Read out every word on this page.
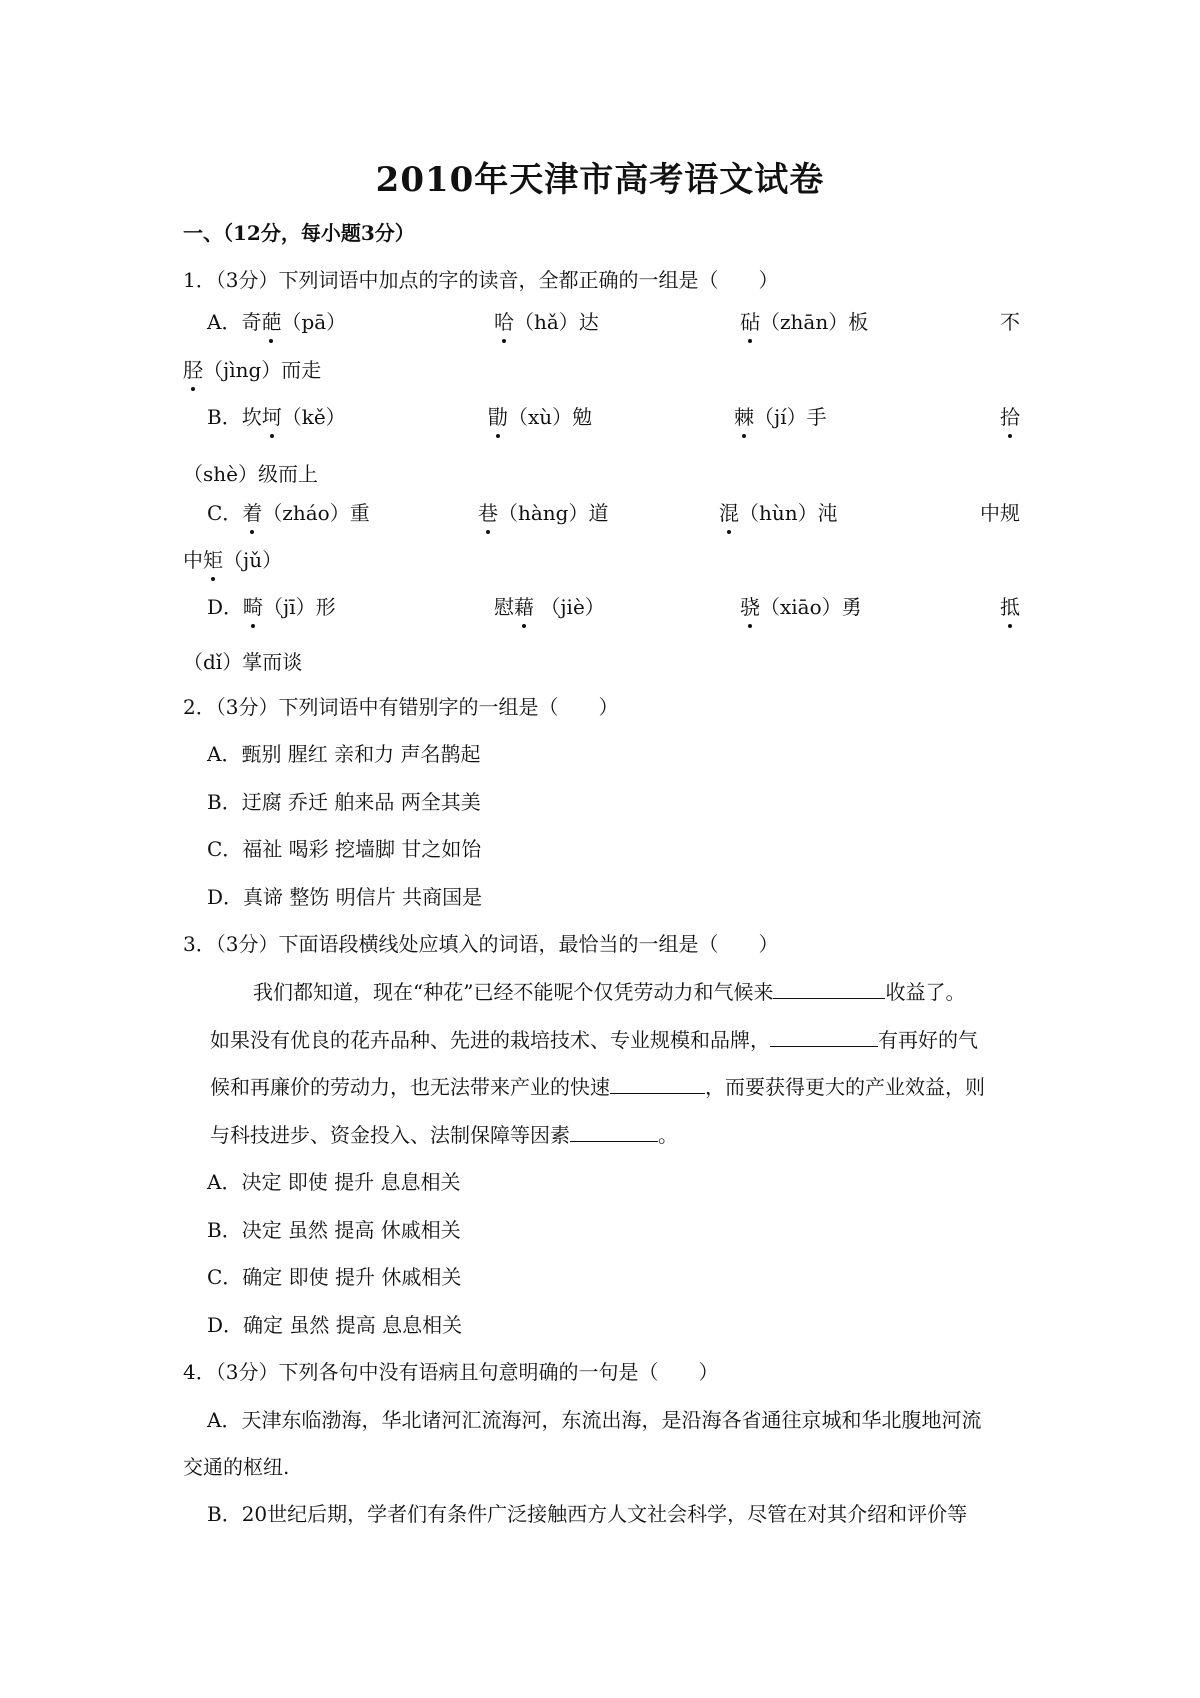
2010年天津市高考语文试卷
一、（12分，每小题3分）
1．（3分）下列词语中加点的字的读音，全都正确的一组是（　　）
A．奇葩（pā）	哈（hǎ）达	砧（zhān）板	不
胫（jìng）而走
B．坎坷（kě）	勖（xù）勉	棘（jí）手	拾
（shè）级而上
C．着（zháo）重	巷（hàng）道	混（hùn）沌	中规
中矩（jǔ）
D．畸（jī）形	慰藉 （jiè）	骁（xiāo）勇	抵
（dǐ）掌而谈
2．（3分）下列词语中有错别字的一组是（　　）
A．甄别 腥红 亲和力 声名鹊起
B．迂腐 乔迁 舶来品 两全其美
C．福祉 喝彩 挖墙脚 甘之如饴
D．真谛 整饬 明信片 共商国是
3．（3分）下面语段横线处应填入的词语，最恰当的一组是（　　）
我们都知道，现在“种花”已经不能呢个仅凭劳动力和气候来	收益了。
如果没有优良的花卉品种、先进的栽培技术、专业规模和品牌，	有再好的气
候和再廉价的劳动力，也无法带来产业的快速	，而要获得更大的产业效益，则
与科技进步、资金投入、法制保障等因素	。
A．决定 即使 提升 息息相关
B．决定 虽然 提高 休戚相关
C．确定 即使 提升 休戚相关
D．确定 虽然 提高 息息相关
4．（3分）下列各句中没有语病且句意明确的一句是（　　）
A．天津东临渤海，华北诸河汇流海河，东流出海，是沿海各省通往京城和华北腹地河流
交通的枢纽.
B．20世纪后期，学者们有条件广泛接触西方人文社会科学，尽管在对其介绍和评价等
